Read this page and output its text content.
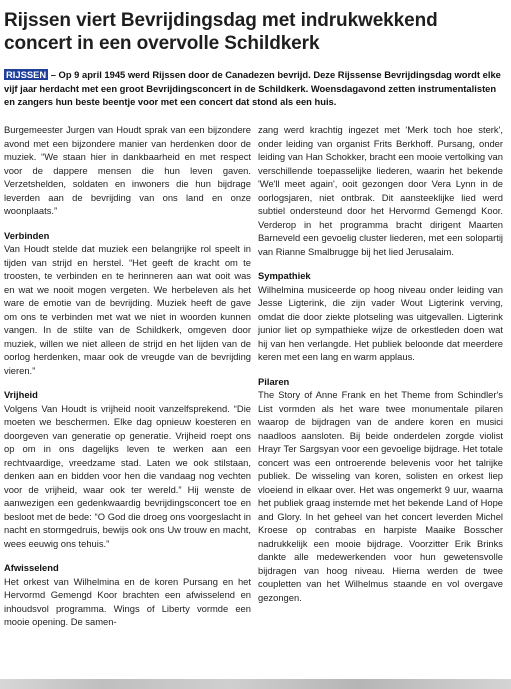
Rijssen viert Bevrijdingsdag met indrukwekkend concert in een overvolle Schildkerk

RIJSSEN – Op 9 april 1945 werd Rijssen door de Canadezen bevrijd. Deze Rijssense Bevrijdingsdag wordt elke vijf jaar herdacht met een groot Bevrijdingsconcert in de Schildkerk. Woensdagavond zetten instrumentalisten en zangers hun beste beentje voor met een concert dat stond als een huis.

Burgemeester Jurgen van Houdt sprak van een bijzondere avond met een bijzondere manier van herdenken door de muziek. “We staan hier in dankbaarheid en met respect voor de dappere mensen die hun leven gaven. Verzetshelden, soldaten en inwoners die hun bijdrage leverden aan de bevrijding van ons land en onze woonplaats.”

Verbinden

Van Houdt stelde dat muziek een belangrijke rol speelt in tijden van strijd en herstel. “Het geeft de kracht om te troosten, te verbinden en te herinneren aan wat ooit was en wat we nooit mogen vergeten. We herbeleven als het ware de emotie van de bevrijding. Muziek heeft de gave om ons te verbinden met wat we niet in woorden kunnen vangen. In de stilte van de Schildkerk, omgeven door muziek, willen we niet alleen de strijd en het lijden van de oorlog herdenken, maar ook de vreugde van de bevrijding vieren.”

Vrijheid

Volgens Van Houdt is vrijheid nooit vanzelfsprekend. “Die moeten we beschermen. Elke dag opnieuw koesteren en doorgeven van generatie op generatie. Vrijheid roept ons op om in ons dagelijks leven te werken aan een rechtvaardige, vreedzame stad. Laten we ook stilstaan, denken aan en bidden voor hen die vandaag nog vechten voor de vrijheid, waar ook ter wereld.” Hij wenste de aanwezigen een gedenkwaardig bevrijdingsconcert toe en besloot met de bede: “O God die droeg ons voorgeslacht in nacht en stormgedruis, bewijs ook ons Uw trouw en macht, wees eeuwig ons tehuis.”

Afwisselend

Het orkest van Wilhelmina en de koren Pursang en het Hervormd Gemengd Koor brachten een afwisselend en inhoudsvol programma. Wings of Liberty vormde een mooie opening. De samen-

zang werd krachtig ingezet met 'Merk toch hoe sterk', onder leiding van organist Frits Berkhoff. Pursang, onder leiding van Han Schokker, bracht een mooie vertolking van verschillende toepasselijke liederen, waarin het bekende 'We'll meet again', ooit gezongen door Vera Lynn in de oorlogsjaren, niet ontbrak. Dit aansteeklijke lied werd subtiel ondersteund door het Hervormd Gemengd Koor. Verderop in het programma bracht dirigent Maarten Barneveld een gevoelig cluster liederen, met een solopartij van Rianne Smalbrugge bij het lied Jerusalaim.

Sympathiek

Wilhelmina musiceerde op hoog niveau onder leiding van Jesse Ligterink, die zijn vader Wout Ligterink verving, omdat die door ziekte plotseling was uitgevallen. Ligterink junior liet op sympathieke wijze de orkestleden doen wat hij van hen verlangde. Het publiek beloonde dat meerdere keren met een lang en warm applaus.

Pilaren

The Story of Anne Frank en het Theme from Schindler's List vormden als het ware twee monumentale pilaren waarop de bijdragen van de andere koren en musici naadloos aansloten. Bij beide onderdelen zorgde violist Hrayr Ter Sargsyan voor een gevoelige bijdrage. Het totale concert was een ontroerende belevenis voor het talrijke publiek. De wisseling van koren, solisten en orkest liep vloeiend in elkaar over. Het was ongemerkt 9 uur, waarna het publiek graag instemde met het bekende Land of Hope and Glory. In het geheel van het concert leverden Michel Kroese op contrabas en harpiste Maaike Bosscher nadrukkelijk een mooie bijdrage. Voorzitter Erik Brinks dankte alle medewerkenden voor hun gewetensvolle bijdragen van hoog niveau. Hierna werden de twee coupletten van het Wilhelmus staande en vol overgave gezongen.
